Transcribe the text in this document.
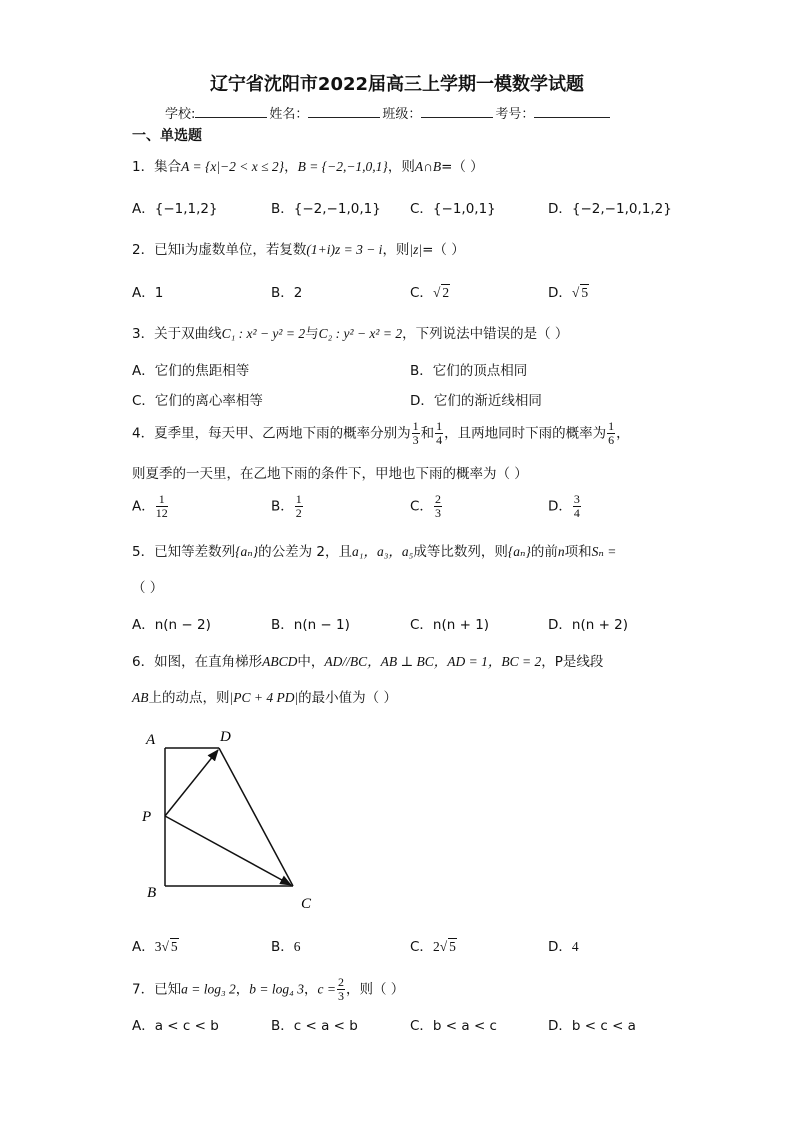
辽宁省沈阳市2022届高三上学期一模数学试题
学校:	姓名：	班级：	考号：
一、单选题
1．集合A = {x|−2 < x ≤ 2}，B = {−2,−1,0,1}，则A∩B=（ ）
A．{−1,1,2}	B．{−2,−1,0,1} C．{−1,0,1}	D．{−2,−1,0,1,2}
2．已知i为虚数单位，若复数(1+i)z = 3 − i，则|z|=（ ）
A．1	B．2	C．√ 2	D．√ 5
3．关于双曲线C₁ : x² − y² = 2与C₂ : y² − x² = 2，下列说法中错误的是（ ）
A．它们的焦距相等	B．它们的顶点相同
C．它们的离心率相等	D．它们的渐近线相同
4．夏季里，每天甲、乙两地下雨的概率分别为 $\frac{1}{3}$ 和 $\frac{1}{4}$ ，且两地同时下雨的概率为 $\frac{1}{6}$ ，
则夏季的一天里，在乙地下雨的条件下，甲地也下雨的概率为（ ）
A． $\frac{1}{12}$	B． $\frac{1}{2}$	C． $\frac{2}{3}$	D． $\frac{3}{4}$
5．已知等差数列{aₙ}的公差为 2，且a₁，a₃，a₅成等比数列，则{aₙ}的前n项和Sₙ =
（ ）
A．n(n − 2)	B．n(n − 1)	C．n(n + 1)	D．n(n + 2)
6．如图，在直角梯形ABCD中，AD//BC，AB ⊥ BC，AD = 1，BC = 2，P是线段
AB上的动点，则|PC + 4 PD|的最小值为（ ）
A	D
P
B
C
A．3√ 5	B．6	C．2√ 5	D．4
7．已知a = log₃ 2，b = log₄ 3，$c = \frac{2}{3}$ ，则（ ）
A．a < c < b	B．c < a < b	C．b < a < c	D．b < c < a
